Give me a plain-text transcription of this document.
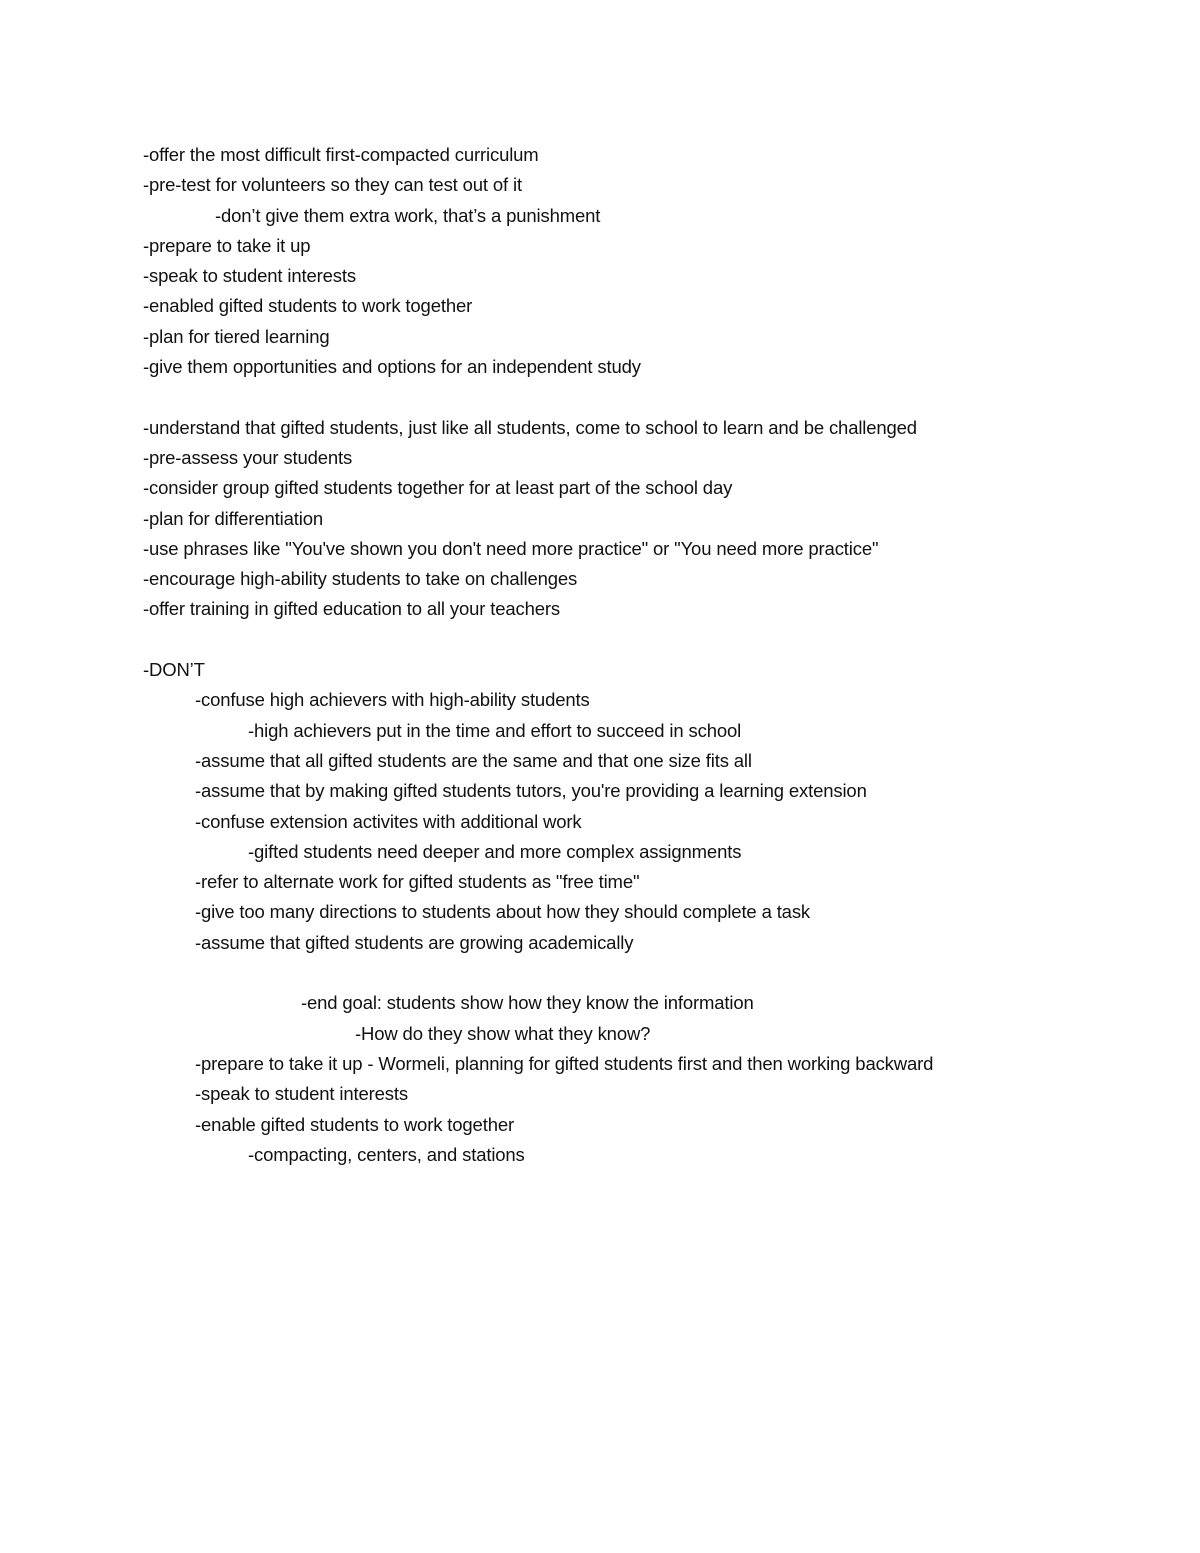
-offer the most difficult first-compacted curriculum
-pre-test for volunteers so they can test out of it
-don’t give them extra work, that’s a punishment
-prepare to take it up
-speak to student interests
-enabled gifted students to work together
-plan for tiered learning
-give them opportunities and options for an independent study
-understand that gifted students, just like all students, come to school to learn and be challenged
-pre-assess your students
-consider group gifted students together for at least part of the school day
-plan for differentiation
-use phrases like "You've shown you don't need more practice" or "You need more practice"
-encourage high-ability students to take on challenges
-offer training in gifted education to all your teachers
-DON’T
-confuse high achievers with high-ability students
-high achievers put in the time and effort to succeed in school
-assume that all gifted students are the same and that one size fits all
-assume that by making gifted students tutors, you're providing a learning extension
-confuse extension activites with additional work
-gifted students need deeper and more complex assignments
-refer to alternate work for gifted students as "free time"
-give too many directions to students about how they should complete a task
-assume that gifted students are growing academically
-end goal: students show how they know the information
-How do they show what they know?
-prepare to take it up - Wormeli, planning for gifted students first and then working backward
-speak to student interests
-enable gifted students to work together
-compacting, centers, and stations
